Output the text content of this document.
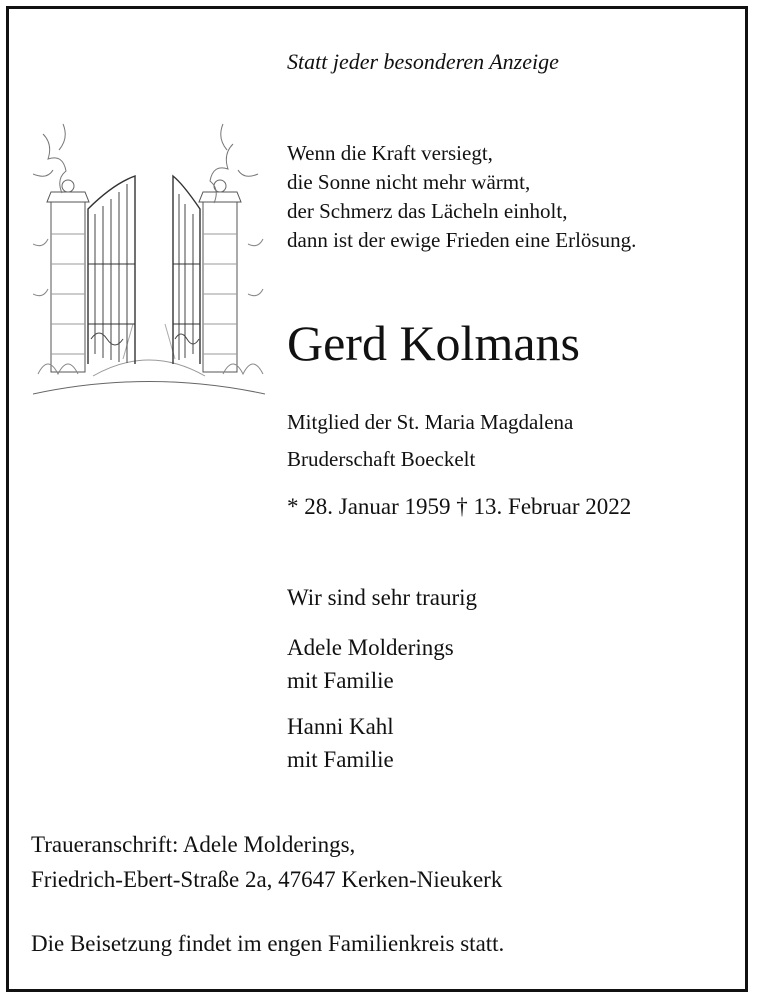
Statt jeder besonderen Anzeige
Wenn die Kraft versiegt,
die Sonne nicht mehr wärmt,
der Schmerz das Lächeln einholt,
dann ist der ewige Frieden eine Erlösung.
Gerd Kolmans
Mitglied der St. Maria Magdalena
Bruderschaft Boeckelt
* 28. Januar 1959 † 13. Februar 2022
Wir sind sehr traurig
Adele Molderings
mit Familie
Hanni Kahl
mit Familie
Traueranschrift: Adele Molderings,
Friedrich-Ebert-Straße 2a, 47647 Kerken-Nieukerk
Die Beisetzung findet im engen Familienkreis statt.
